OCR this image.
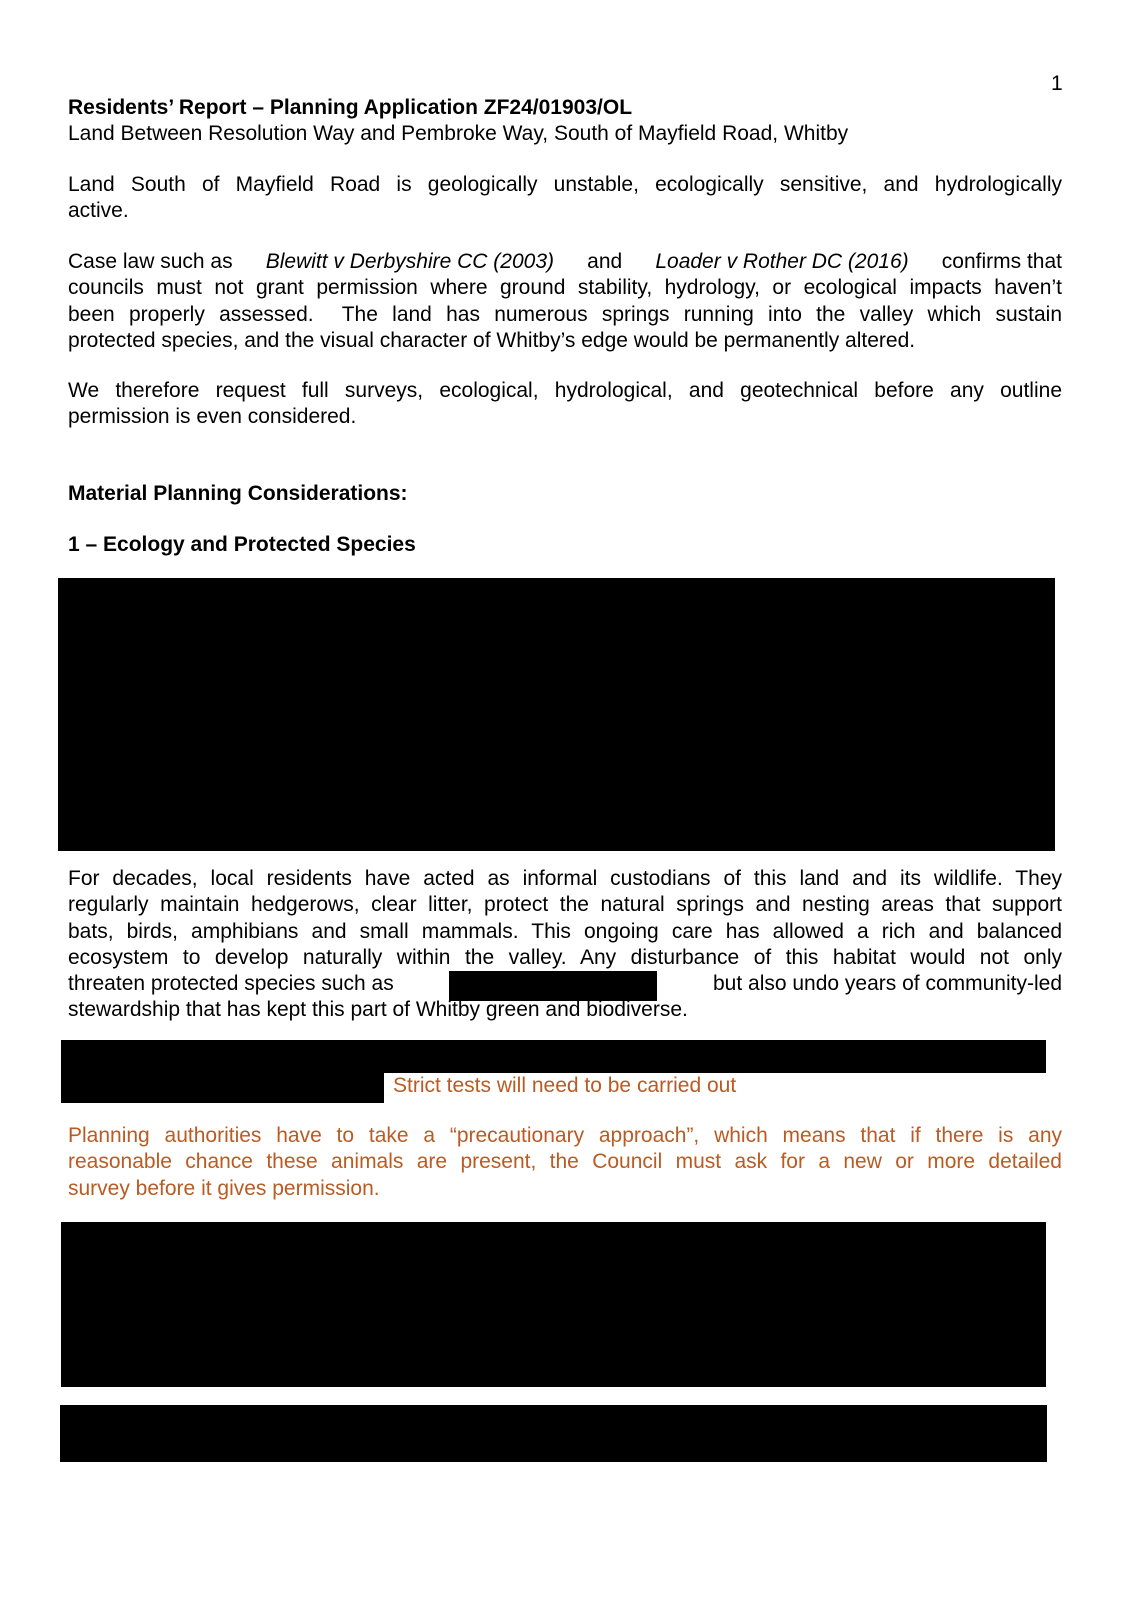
1
Residents’ Report – Planning Application ZF24/01903/OL
Land Between Resolution Way and Pembroke Way, South of Mayfield Road, Whitby
Land South of Mayfield Road is geologically unstable, ecologically sensitive, and hydrologically
active.
Case law such as Blewitt v Derbyshire CC (2003) and Loader v Rother DC (2016) confirms that
councils must not grant permission where ground stability, hydrology, or ecological impacts haven’t
been properly assessed.  The land has numerous springs running into the valley which sustain
protected species, and the visual character of Whitby’s edge would be permanently altered.
We therefore request full surveys, ecological, hydrological, and geotechnical before any outline
permission is even considered.
Material Planning Considerations:
1 – Ecology and Protected Species
For decades, local residents have acted as informal custodians of this land and its wildlife. They
regularly maintain hedgerows, clear litter, protect the natural springs and nesting areas that support
bats, birds, amphibians and small mammals. This ongoing care has allowed a rich and balanced
ecosystem to develop naturally within the valley. Any disturbance of this habitat would not only
threaten protected species such as	but also undo years of community-led
stewardship that has kept this part of Whitby green and biodiverse.
Strict tests will need to be carried out
Planning authorities have to take a “precautionary approach”, which means that if there is any
reasonable chance these animals are present, the Council must ask for a new or more detailed
survey before it gives permission.
